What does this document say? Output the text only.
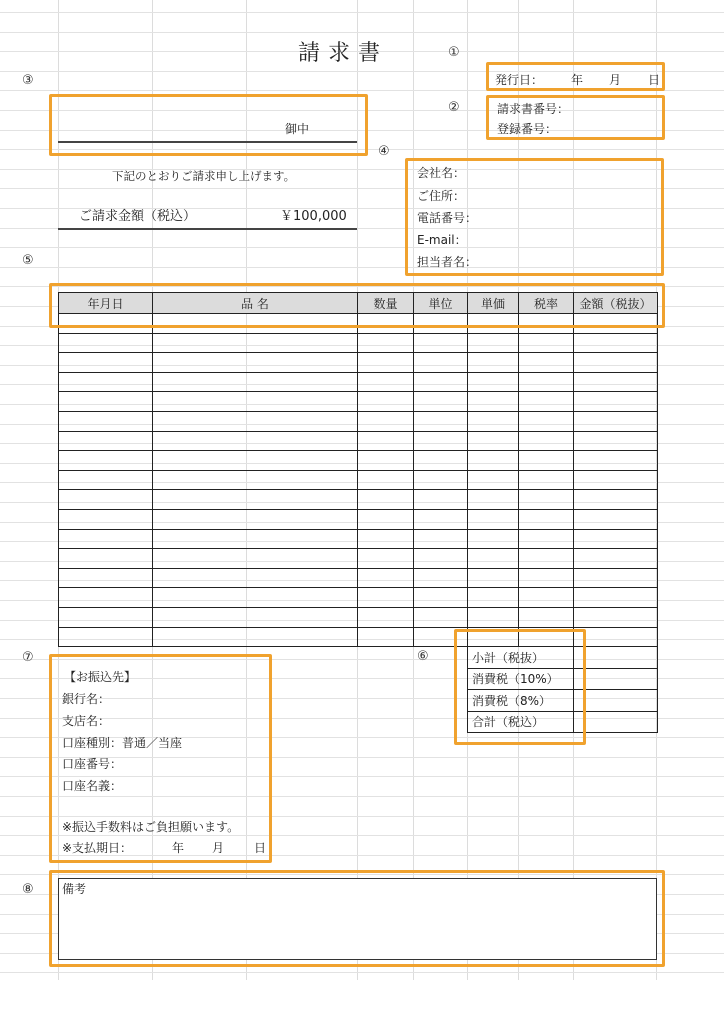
請求書	①
②
③
④
⑤
⑥
⑦
⑧
発行日： 年 月 日
請求書番号：
登録番号：
御中
下記のとおりご請求申し上げます。
ご請求金額（税込）	￥100,000
会社名：
ご住所：
電話番号：
E-mail：
担当者名：
年月日	品 名	数量	単位	単価	税率	金額（税抜）

小計（税抜）	
消費税（10%）	
消費税（8%）	
合計（税込）	
【お振込先】
銀行名：
支店名：
口座種別：普通／当座
口座番号：
口座名義：
※振込手数料はご負担願います。
※支払期日：	年 月 日
備考
